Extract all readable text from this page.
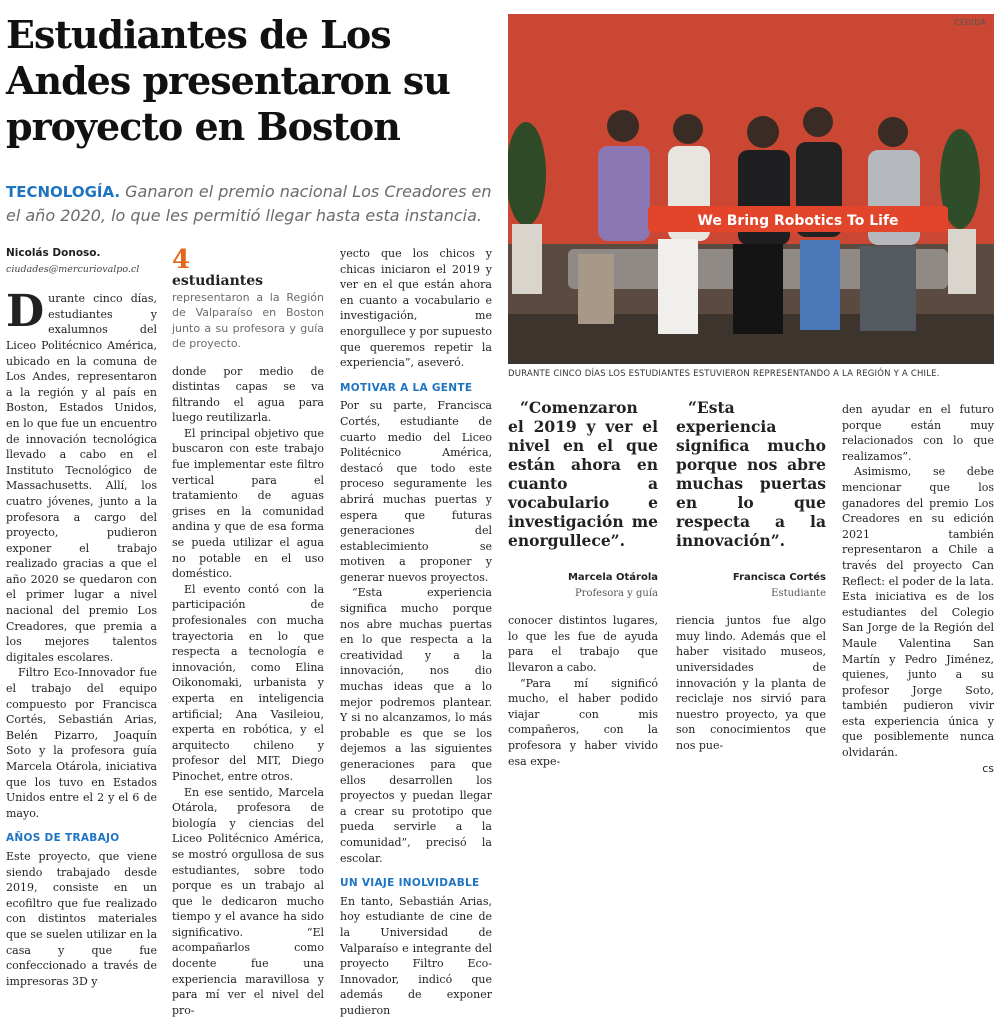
Estudiantes de Los
Andes presentaron su
proyecto en Boston

TECNOLOGÍA. Ganaron el premio nacional Los Creadores en el año 2020, lo que les permitió llegar hasta esta instancia.

Nicolás Donoso.
ciudades@mercuriovalpo.cl

Durante cinco días, estudiantes y exalumnos del Liceo Politécnico América, ubicado en la comuna de Los Andes, representaron a la región y al país en Boston, Estados Unidos, en lo que fue un encuentro de innovación tecnológica llevado a cabo en el Instituto Tecnológico de Massachusetts. Allí, los cuatro jóvenes, junto a la profesora a cargo del proyecto, pudieron exponer el trabajo realizado gracias a que el año 2020 se quedaron con el primer lugar a nivel nacional del premio Los Creadores, que premia a los mejores talentos digitales escolares.

Filtro Eco-Innovador fue el trabajo del equipo compuesto por Francisca Cortés, Sebastián Arias, Belén Pizarro, Joaquín Soto y la profesora guía Marcela Otárola, iniciativa que los tuvo en Estados Unidos entre el 2 y el 6 de mayo.

AÑOS DE TRABAJO

Este proyecto, que viene siendo trabajado desde 2019, consiste en un ecofiltro que fue realizado con distintos materiales que se suelen utilizar en la casa y que fue confeccionado a través de impresoras 3D y

4
estudiantes representaron a la Región de Valparaíso en Boston junto a su profesora y guía de proyecto.

donde por medio de distintas capas se va filtrando el agua para luego reutilizarla.

El principal objetivo que buscaron con este trabajo fue implementar este filtro vertical para el tratamiento de aguas grises en la comunidad andina y que de esa forma se pueda utilizar el agua no potable en el uso doméstico.

El evento contó con la participación de profesionales con mucha trayectoria en lo que respecta a tecnología e innovación, como Elina Oikonomaki, urbanista y experta en inteligencia artificial; Ana Vasileiou, experta en robótica, y el arquitecto chileno y profesor del MIT, Diego Pinochet, entre otros.

En ese sentido, Marcela Otárola, profesora de biología y ciencias del Liceo Politécnico América, se mostró orgullosa de sus estudiantes, sobre todo porque es un trabajo al que le dedicaron mucho tiempo y el avance ha sido significativo. “El acompañarlos como docente fue una experiencia maravillosa y para mí ver el nivel del pro-

yecto que los chicos y chicas iniciaron el 2019 y ver en el que están ahora en cuanto a vocabulario e investigación, me enorgullece y por supuesto que queremos repetir la experiencia”, aseveró.

MOTIVAR A LA GENTE

Por su parte, Francisca Cortés, estudiante de cuarto medio del Liceo Politécnico América, destacó que todo este proceso seguramente les abrirá muchas puertas y espera que futuras generaciones del establecimiento se motiven a proponer y generar nuevos proyectos.

“Esta experiencia significa mucho porque nos abre muchas puertas en lo que respecta a la creatividad y a la innovación, nos dio muchas ideas que a lo mejor podremos plantear. Y si no alcanzamos, lo más probable es que se los dejemos a las siguientes generaciones para que ellos desarrollen los proyectos y puedan llegar a crear su prototipo que pueda servirle a la comunidad”, precisó la escolar.

UN VIAJE INOLVIDABLE

En tanto, Sebastián Arias, hoy estudiante de cine de la Universidad de Valparaíso e integrante del proyecto Filtro Eco-Innovador, indicó que además de exponer pudieron

We Bring Robotics To Life
CEDIDA
DURANTE CINCO DÍAS LOS ESTUDIANTES ESTUVIERON REPRESENTANDO A LA REGIÓN Y A CHILE.

“Comenzaron el 2019 y ver el nivel en el que están ahora en cuanto a vocabulario e investigación me enorgullece”.

Marcela Otárola
Profesora y guía

conocer distintos lugares, lo que les fue de ayuda para el trabajo que llevaron a cabo.

“Para mí significó mucho, el haber podido viajar con mis compañeros, con la profesora y haber vivido esa expe-

“Esta experiencia significa mucho porque nos abre muchas puertas en lo que respecta a la innovación”.

Francisca Cortés
Estudiante

riencia juntos fue algo muy lindo. Además que el haber visitado museos, universidades de innovación y la planta de reciclaje nos sirvió para nuestro proyecto, ya que son conocimientos que nos pue-

den ayudar en el futuro porque están muy relacionados con lo que realizamos”.

Asimismo, se debe mencionar que los ganadores del premio Los Creadores en su edición 2021 también representaron a Chile a través del proyecto Can Reflect: el poder de la lata. Esta iniciativa es de los estudiantes del Colegio San Jorge de la Región del Maule Valentina San Martín y Pedro Jiménez, quienes, junto a su profesor Jorge Soto, también pudieron vivir esta experiencia única y que posiblemente nunca olvidarán.

cs
